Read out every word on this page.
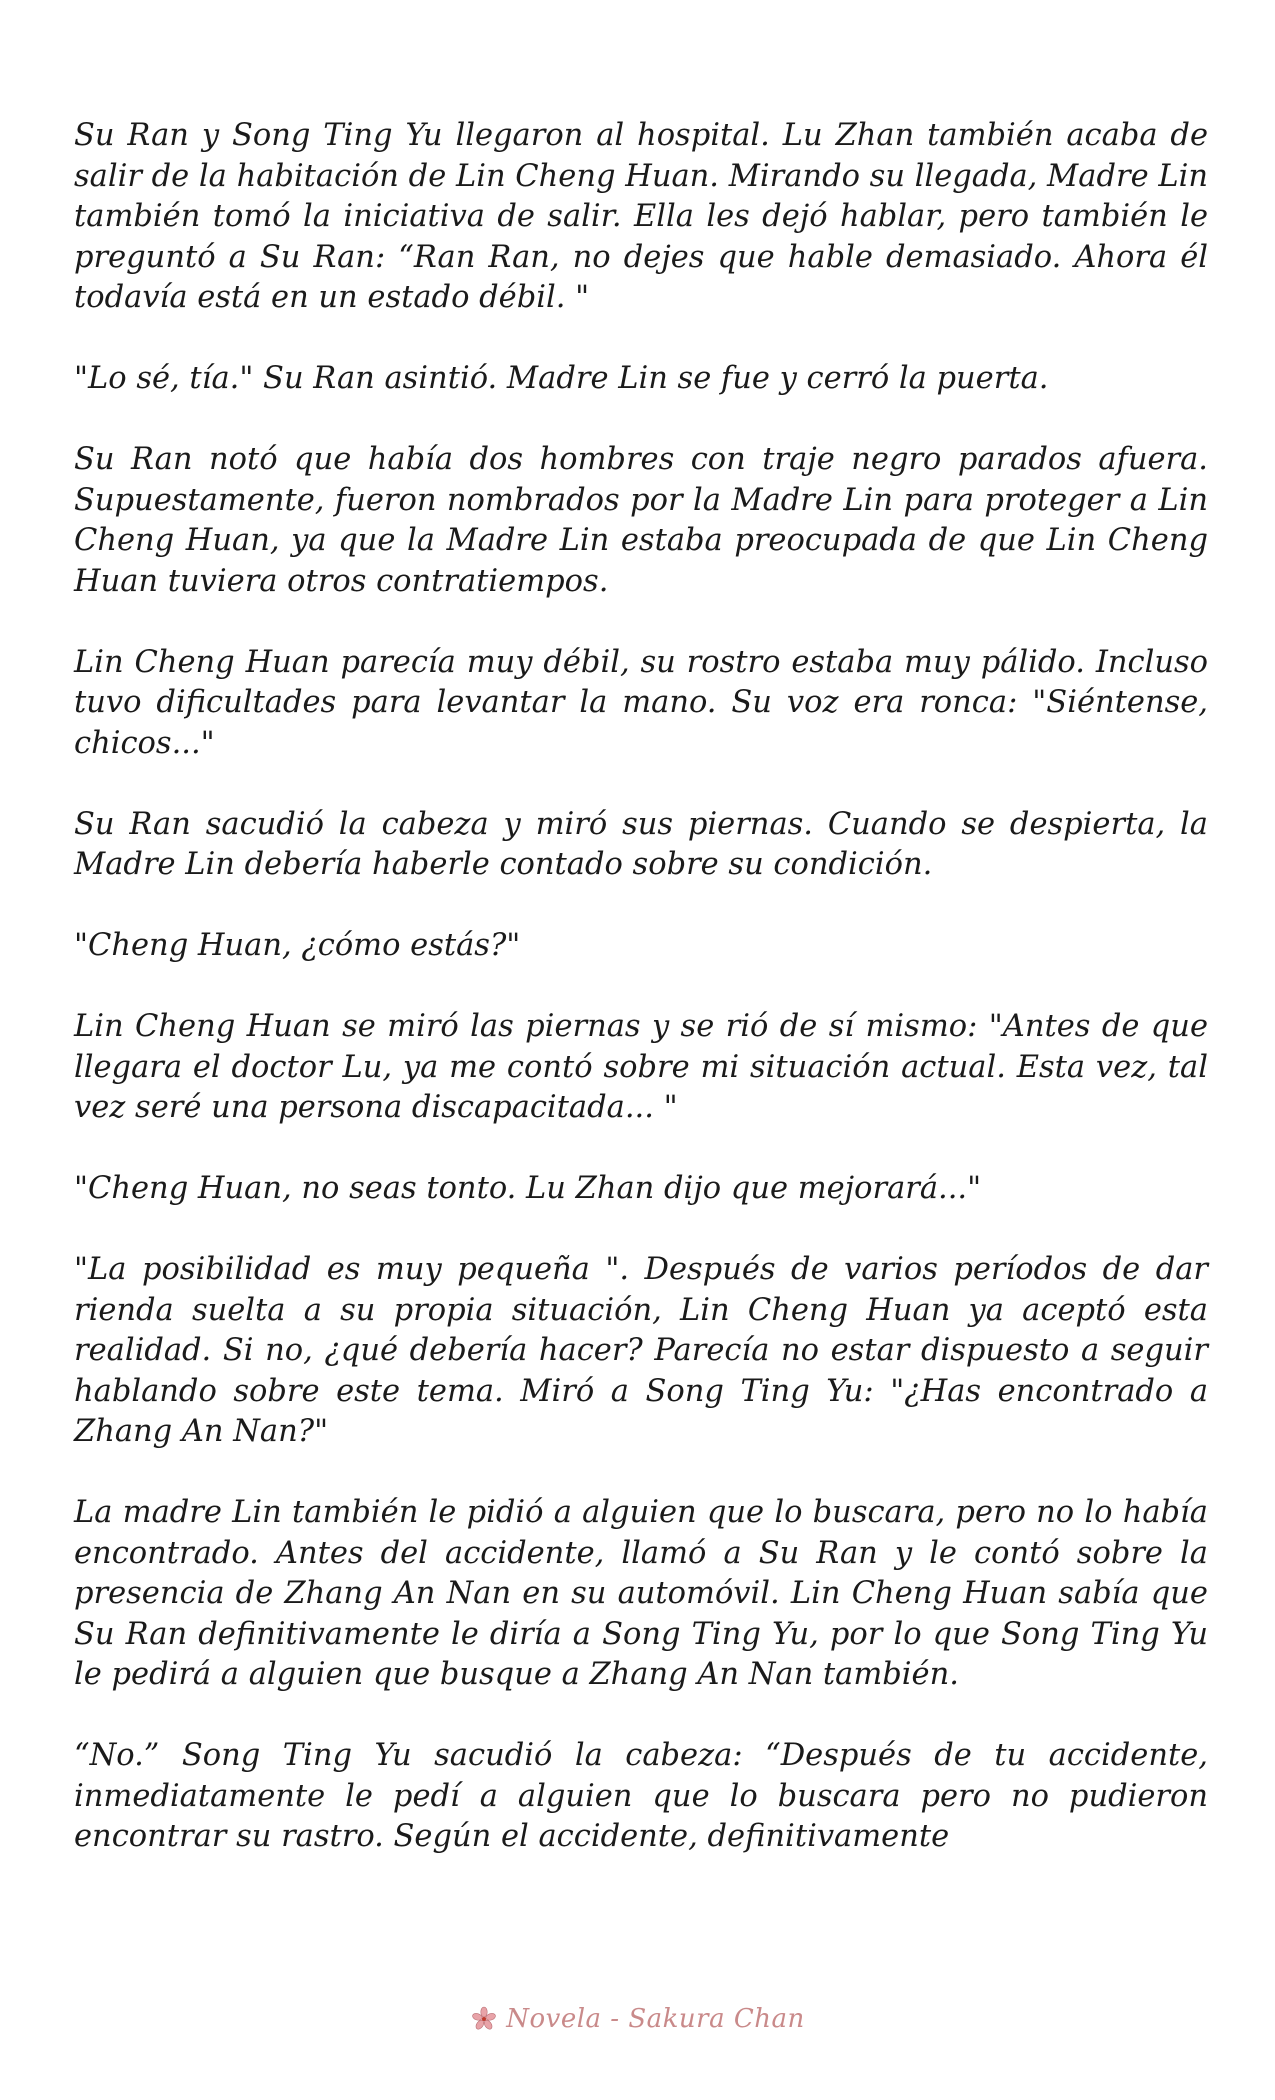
Su Ran y Song Ting Yu llegaron al hospital. Lu Zhan también acaba de salir de la habitación de Lin Cheng Huan. Mirando su llegada, Madre Lin también tomó la iniciativa de salir. Ella les dejó hablar, pero también le preguntó a Su Ran: “Ran Ran, no dejes que hable demasiado. Ahora él todavía está en un estado débil. "

"Lo sé, tía." Su Ran asintió. Madre Lin se fue y cerró la puerta.

Su Ran notó que había dos hombres con traje negro parados afuera. Supuestamente, fueron nombrados por la Madre Lin para proteger a Lin Cheng Huan, ya que la Madre Lin estaba preocupada de que Lin Cheng Huan tuviera otros contratiempos.

Lin Cheng Huan parecía muy débil, su rostro estaba muy pálido. Incluso tuvo dificultades para levantar la mano. Su voz era ronca: "Siéntense, chicos..."

Su Ran sacudió la cabeza y miró sus piernas. Cuando se despierta, la Madre Lin debería haberle contado sobre su condición.

"Cheng Huan, ¿cómo estás?"

Lin Cheng Huan se miró las piernas y se rió de sí mismo: "Antes de que llegara el doctor Lu, ya me contó sobre mi situación actual. Esta vez, tal vez seré una persona discapacitada... "

"Cheng Huan, no seas tonto. Lu Zhan dijo que mejorará..."

"La posibilidad es muy pequeña ". Después de varios períodos de dar rienda suelta a su propia situación, Lin Cheng Huan ya aceptó esta realidad. Si no, ¿qué debería hacer? Parecía no estar dispuesto a seguir hablando sobre este tema. Miró a Song Ting Yu: "¿Has encontrado a Zhang An Nan?"

La madre Lin también le pidió a alguien que lo buscara, pero no lo había encontrado. Antes del accidente, llamó a Su Ran y le contó sobre la presencia de Zhang An Nan en su automóvil. Lin Cheng Huan sabía que Su Ran definitivamente le diría a Song Ting Yu, por lo que Song Ting Yu le pedirá a alguien que busque a Zhang An Nan también.

“No.” Song Ting Yu sacudió la cabeza: “Después de tu accidente, inmediatamente le pedí a alguien que lo buscara pero no pudieron encontrar su rastro. Según el accidente, definitivamente

Novela - Sakura Chan
